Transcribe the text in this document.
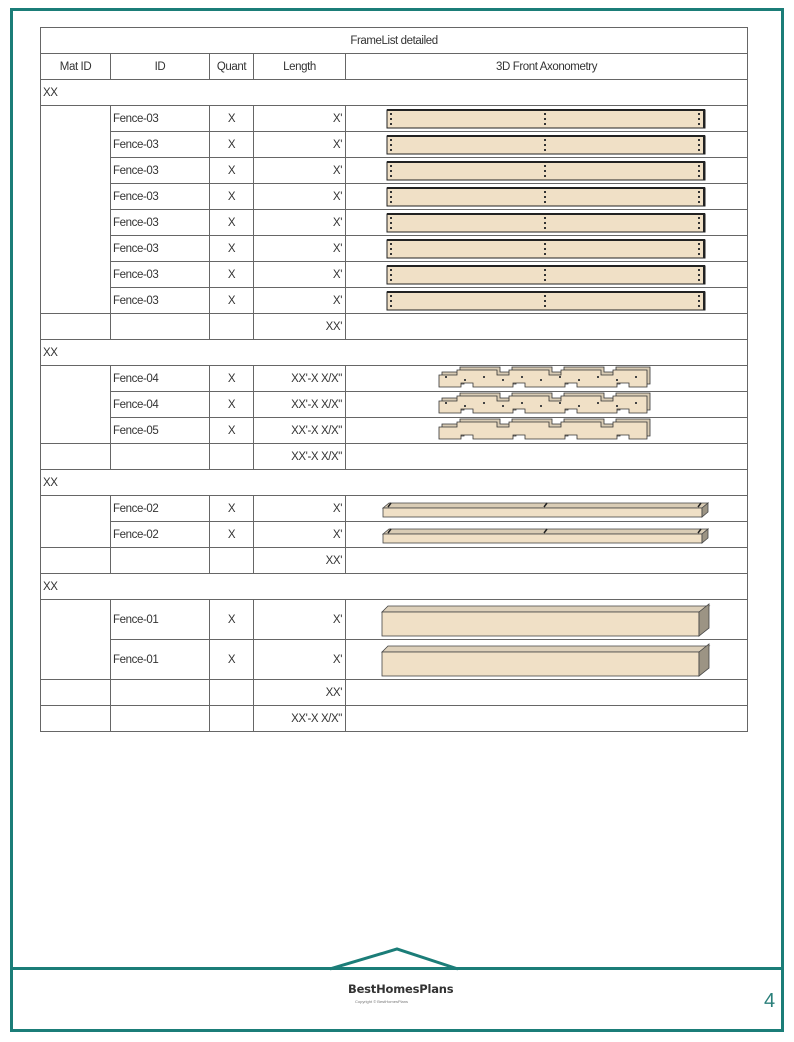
BestHomesPlans
Copyright © BestHomesPlans	4
FrameList detailed				
Mat ID	ID	Quant	Length	3D Front Axonometry
XX				
	Fence-03	X	X'	

	Fence-03	X	X'	

	Fence-03	X	X'	

	Fence-03	X	X'	

	Fence-03	X	X'	

	Fence-03	X	X'	

	Fence-03	X	X'	

	Fence-03	X	X'	

			XX'	
XX				
	Fence-04	X	XX'-X X/X"	

	Fence-04	X	XX'-X X/X"	

	Fence-05	X	XX'-X X/X"	

			XX'-X X/X"	
XX				
	Fence-02	X	X'	

	Fence-02	X	X'	

			XX'	
XX				
	Fence-01	X	X'	

	Fence-01	X	X'	

			XX'	
			XX'-X X/X"	
